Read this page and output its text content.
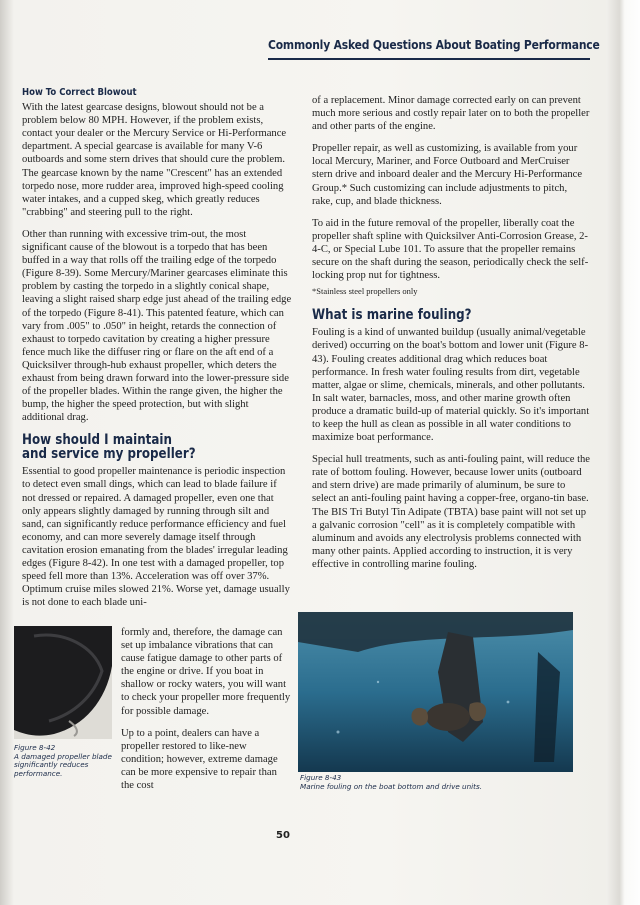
Commonly Asked Questions About Boating Performance
How To Correct Blowout

With the latest gearcase designs, blowout should not be a problem below 80 MPH. However, if the problem exists, contact your dealer or the Mercury Service or Hi-Performance department. A special gearcase is available for many V-6 outboards and some stern drives that should cure the problem. The gearcase known by the name "Crescent" has an extended torpedo nose, more rudder area, improved high-speed cooling water intakes, and a cupped skeg, which greatly reduces "crabbing" and steering pull to the right.

Other than running with excessive trim-out, the most significant cause of the blowout is a torpedo that has been buffed in a way that rolls off the trailing edge of the torpedo (Figure 8-39). Some Mercury/Mariner gearcases eliminate this problem by casting the torpedo in a slightly conical shape, leaving a slight raised sharp edge just ahead of the trailing edge of the torpedo (Figure 8-41). This patented feature, which can vary from .005" to .050" in height, retards the connection of exhaust to torpedo cavitation by creating a higher pressure fence much like the diffuser ring or flare on the aft end of a Quicksilver through-hub exhaust propeller, which deters the exhaust from being drawn forward into the lower-pressure side of the propeller blades. Within the range given, the higher the bump, the higher the speed protection, but with slight additional drag.

How should I maintain
and service my propeller?

Essential to good propeller maintenance is periodic inspection to detect even small dings, which can lead to blade failure if not dressed or repaired. A damaged propeller, even one that only appears slightly damaged by running through silt and sand, can significantly reduce performance efficiency and fuel economy, and can more severely damage itself through cavitation erosion emanating from the blades' irregular leading edges (Figure 8-42). In one test with a damaged propeller, top speed fell more than 13%. Acceleration was off over 37%. Optimum cruise miles slowed 21%. Worse yet, damage usually is not done to each blade uni-

Figure 8-42
A damaged propeller blade significantly reduces performance.

formly and, therefore, the damage can set up imbalance vibrations that can cause fatigue damage to other parts of the engine or drive. If you boat in shallow or rocky waters, you will want to check your propeller more frequently for possible damage.

Up to a point, dealers can have a propeller restored to like-new condition; however, extreme damage can be more expensive to repair than the cost

of a replacement. Minor damage corrected early on can prevent much more serious and costly repair later on to both the propeller and other parts of the engine.

Propeller repair, as well as customizing, is available from your local Mercury, Mariner, and Force Outboard and MerCruiser stern drive and inboard dealer and the Mercury Hi-Performance Group.* Such customizing can include adjustments to pitch, rake, cup, and blade thickness.

To aid in the future removal of the propeller, liberally coat the propeller shaft spline with Quicksilver Anti-Corrosion Grease, 2-4-C, or Special Lube 101. To assure that the propeller remains secure on the shaft during the season, periodically check the self-locking prop nut for tightness.

*Stainless steel propellers only
What is marine fouling?

Fouling is a kind of unwanted buildup (usually animal/vegetable derived) occurring on the boat's bottom and lower unit (Figure 8-43). Fouling creates additional drag which reduces boat performance. In fresh water fouling results from dirt, vegetable matter, algae or slime, chemicals, minerals, and other pollutants. In salt water, barnacles, moss, and other marine growth often produce a dramatic build-up of material quickly. So it's important to keep the hull as clean as possible in all water conditions to maximize boat performance.

Special hull treatments, such as anti-fouling paint, will reduce the rate of bottom fouling. However, because lower units (outboard and stern drive) are made primarily of aluminum, be sure to select an anti-fouling paint having a copper-free, organo-tin base. The BIS Tri Butyl Tin Adipate (TBTA) base paint will not set up a galvanic corrosion "cell" as it is completely compatible with aluminum and avoids any electrolysis problems connected with many other paints. Applied according to instruction, it is very effective in controlling marine fouling.

Figure 8-43
Marine fouling on the boat bottom and drive units.
50
